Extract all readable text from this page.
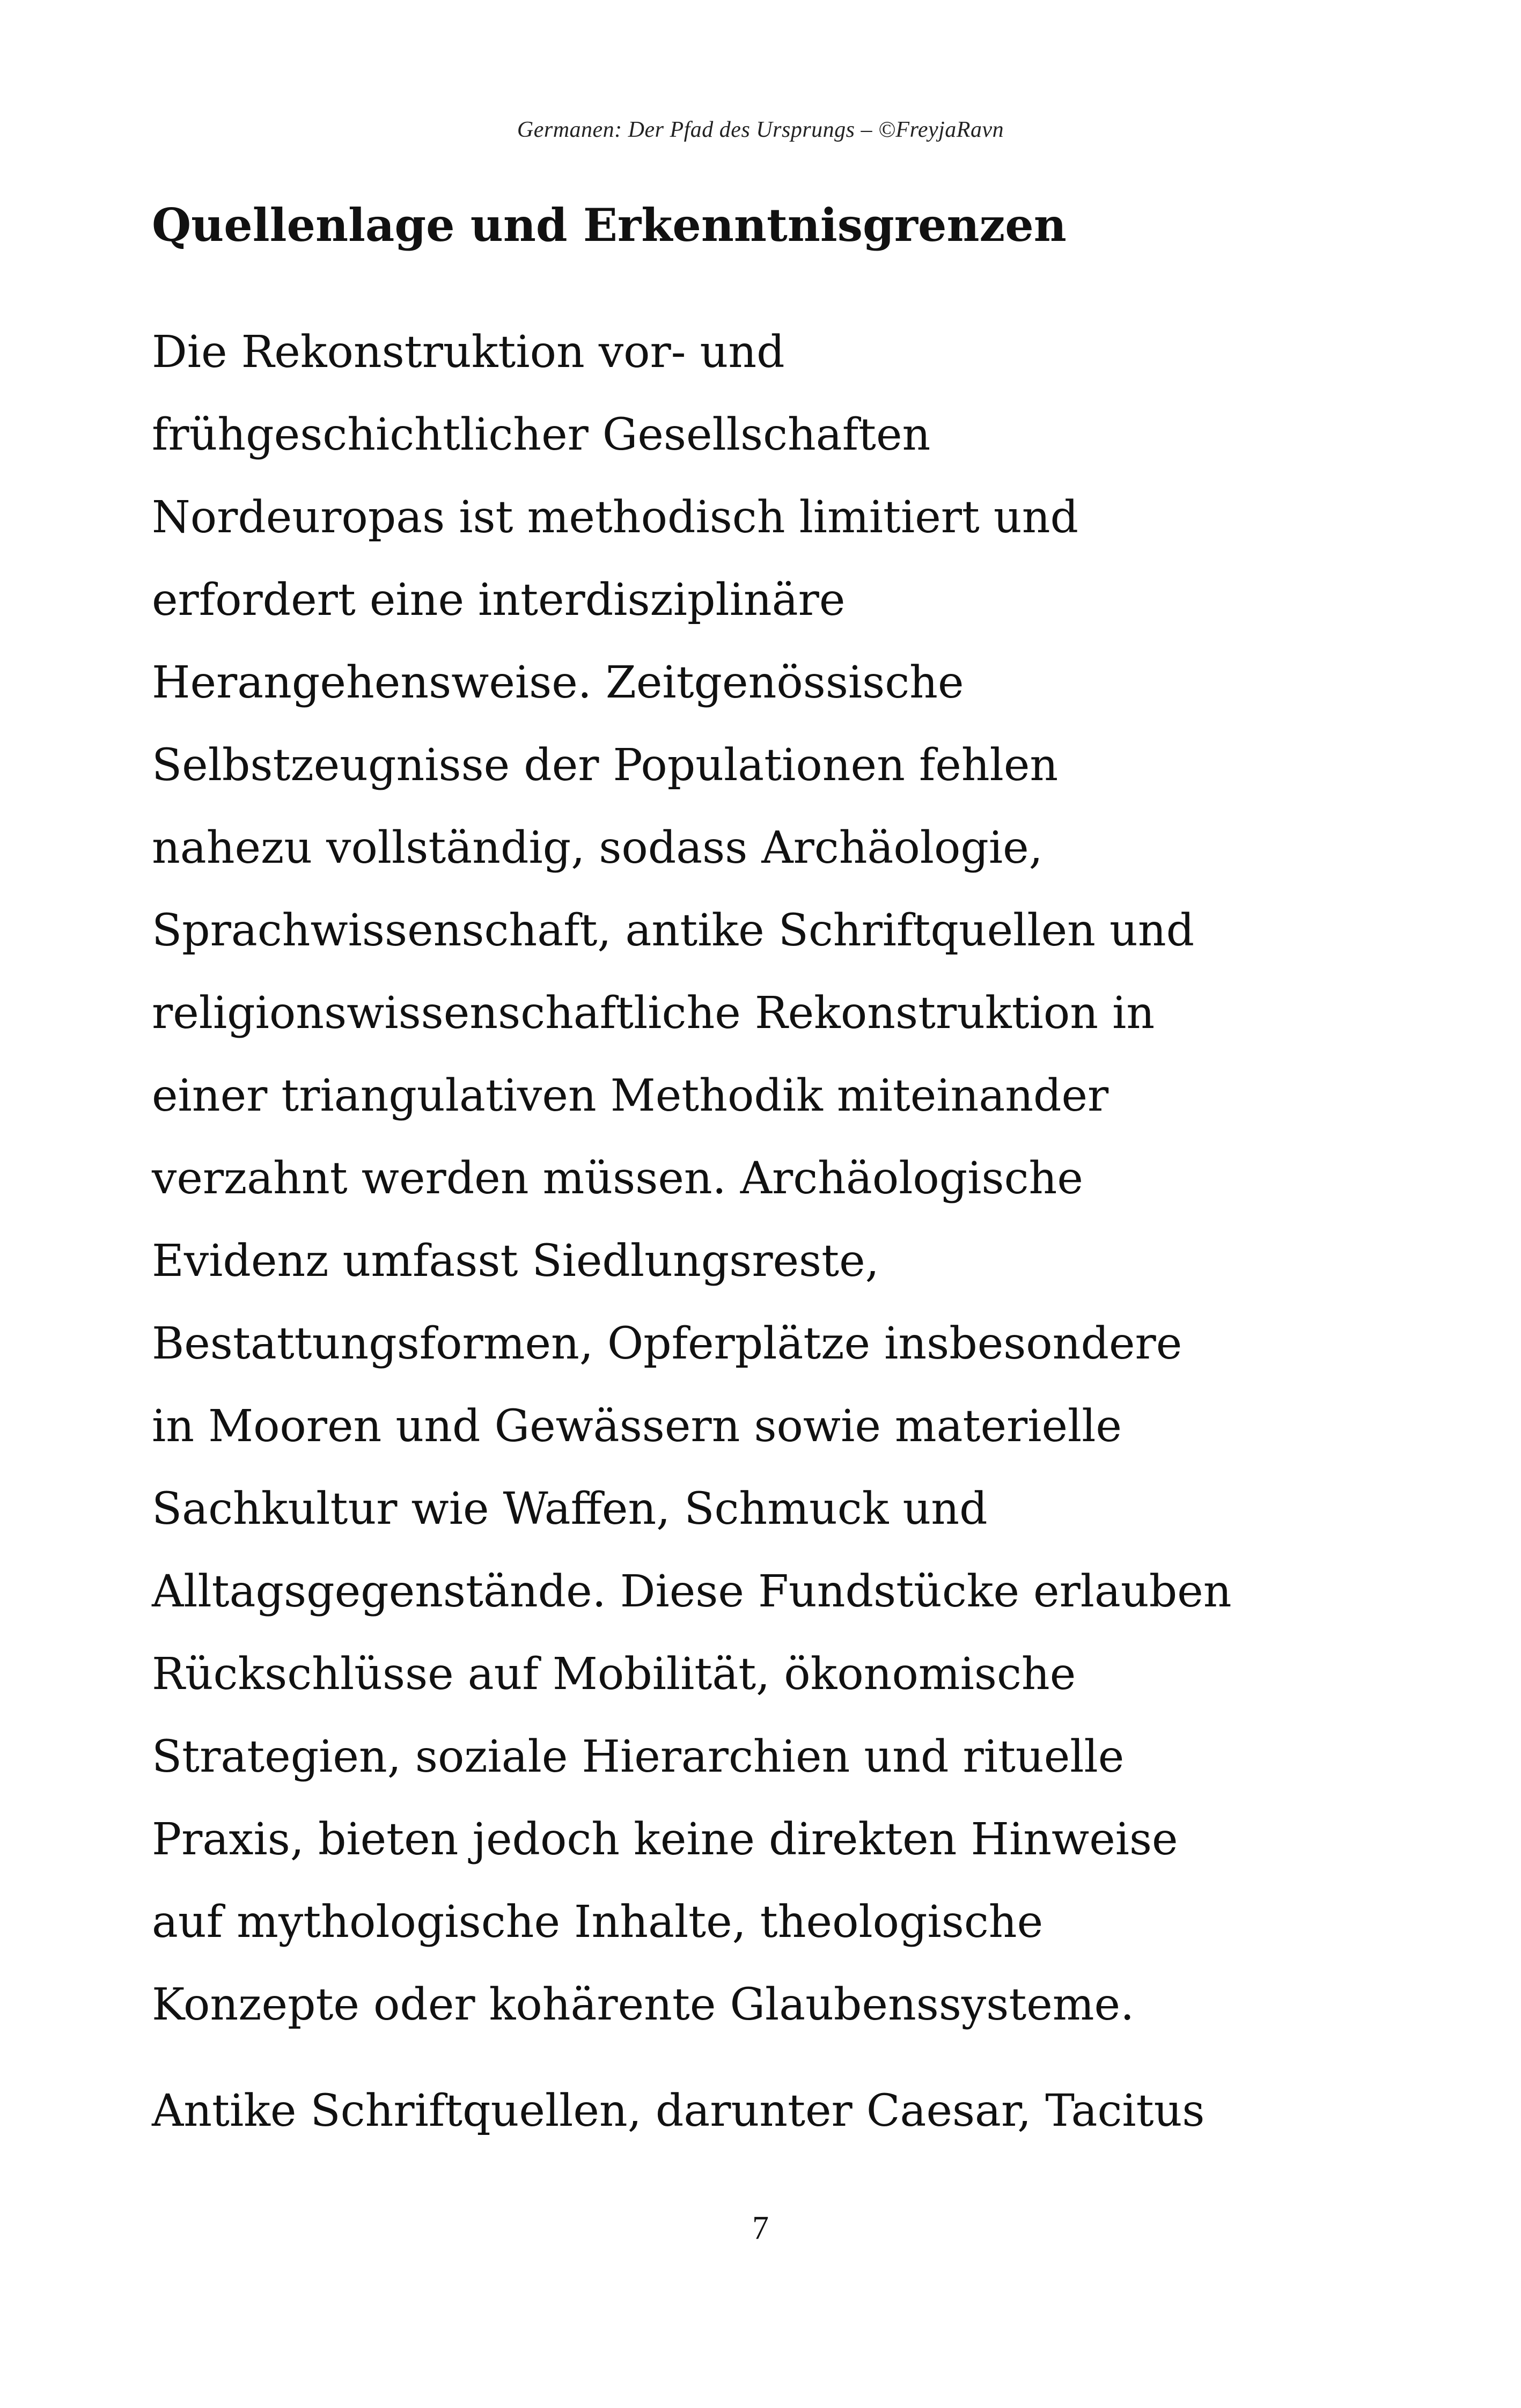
Germanen: Der Pfad des Ursprungs – ©FreyjaRavn
Quellenlage und Erkenntnisgrenzen

Die Rekonstruktion vor- und
frühgeschichtlicher Gesellschaften
Nordeuropas ist methodisch limitiert und
erfordert eine interdisziplinäre
Herangehensweise. Zeitgenössische
Selbstzeugnisse der Populationen fehlen
nahezu vollständig, sodass Archäologie,
Sprachwissenschaft, antike Schriftquellen und
religionswissenschaftliche Rekonstruktion in
einer triangulativen Methodik miteinander
verzahnt werden müssen. Archäologische
Evidenz umfasst Siedlungsreste,
Bestattungsformen, Opferplätze insbesondere
in Mooren und Gewässern sowie materielle
Sachkultur wie Waffen, Schmuck und
Alltagsgegenstände. Diese Fundstücke erlauben
Rückschlüsse auf Mobilität, ökonomische
Strategien, soziale Hierarchien und rituelle
Praxis, bieten jedoch keine direkten Hinweise
auf mythologische Inhalte, theologische
Konzepte oder kohärente Glaubenssysteme.

Antike Schriftquellen, darunter Caesar, Tacitus

7
